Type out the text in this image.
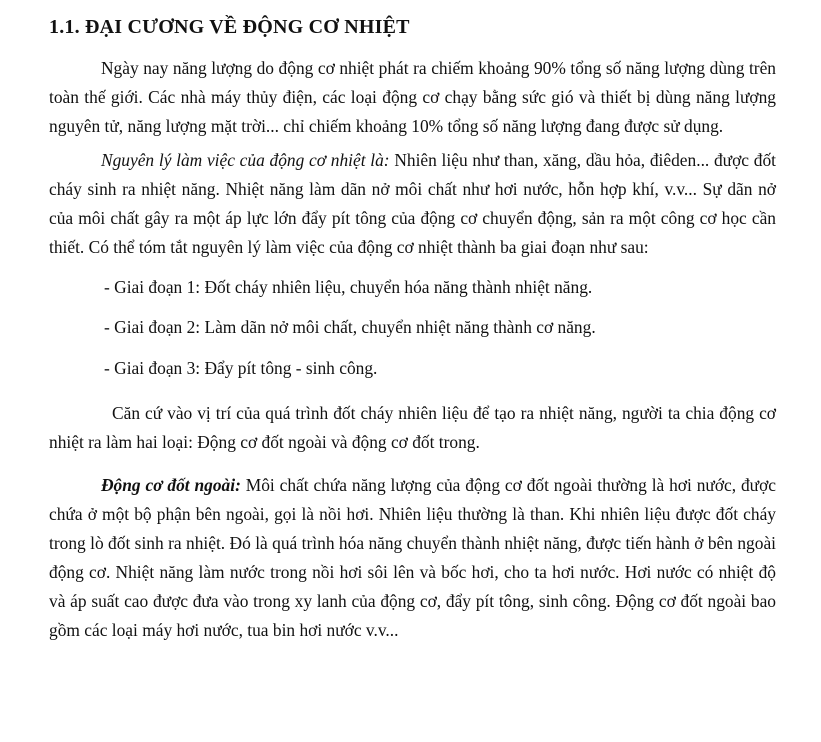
1.1. ĐẠI CƯƠNG VỀ ĐỘNG CƠ NHIỆT

Ngày nay năng lượng do động cơ nhiệt phát ra chiếm khoảng 90% tổng số năng lượng dùng trên toàn thế giới. Các nhà máy thủy điện, các loại động cơ chạy bằng sức gió và thiết bị dùng năng lượng nguyên tử, năng lượng mặt trời... chỉ chiếm khoảng 10% tổng số năng lượng đang được sử dụng.

Nguyên lý làm việc của động cơ nhiệt là: Nhiên liệu như than, xăng, dầu hỏa, điêden... được đốt cháy sinh ra nhiệt năng. Nhiệt năng làm dãn nở môi chất như hơi nước, hỗn hợp khí, v.v... Sự dãn nở của môi chất gây ra một áp lực lớn đẩy pít tông của động cơ chuyển động, sản ra một công cơ học cần thiết. Có thể tóm tắt nguyên lý làm việc của động cơ nhiệt thành ba giai đoạn như sau:

- Giai đoạn 1: Đốt cháy nhiên liệu, chuyển hóa năng thành nhiệt năng.

- Giai đoạn 2: Làm dãn nở môi chất, chuyển nhiệt năng thành cơ năng.

- Giai đoạn 3: Đẩy pít tông - sinh công.

Căn cứ vào vị trí của quá trình đốt cháy nhiên liệu để tạo ra nhiệt năng, người ta chia động cơ nhiệt ra làm hai loại: Động cơ đốt ngoài và động cơ đốt trong.

Động cơ đốt ngoài: Môi chất chứa năng lượng của động cơ đốt ngoài thường là hơi nước, được chứa ở một bộ phận bên ngoài, gọi là nồi hơi. Nhiên liệu thường là than. Khi nhiên liệu được đốt cháy trong lò đốt sinh ra nhiệt. Đó là quá trình hóa năng chuyển thành nhiệt năng, được tiến hành ở bên ngoài động cơ. Nhiệt năng làm nước trong nồi hơi sôi lên và bốc hơi, cho ta hơi nước. Hơi nước có nhiệt độ và áp suất cao được đưa vào trong xy lanh của động cơ, đẩy pít tông, sinh công. Động cơ đốt ngoài bao gồm các loại máy hơi nước, tua bin hơi nước v.v...
